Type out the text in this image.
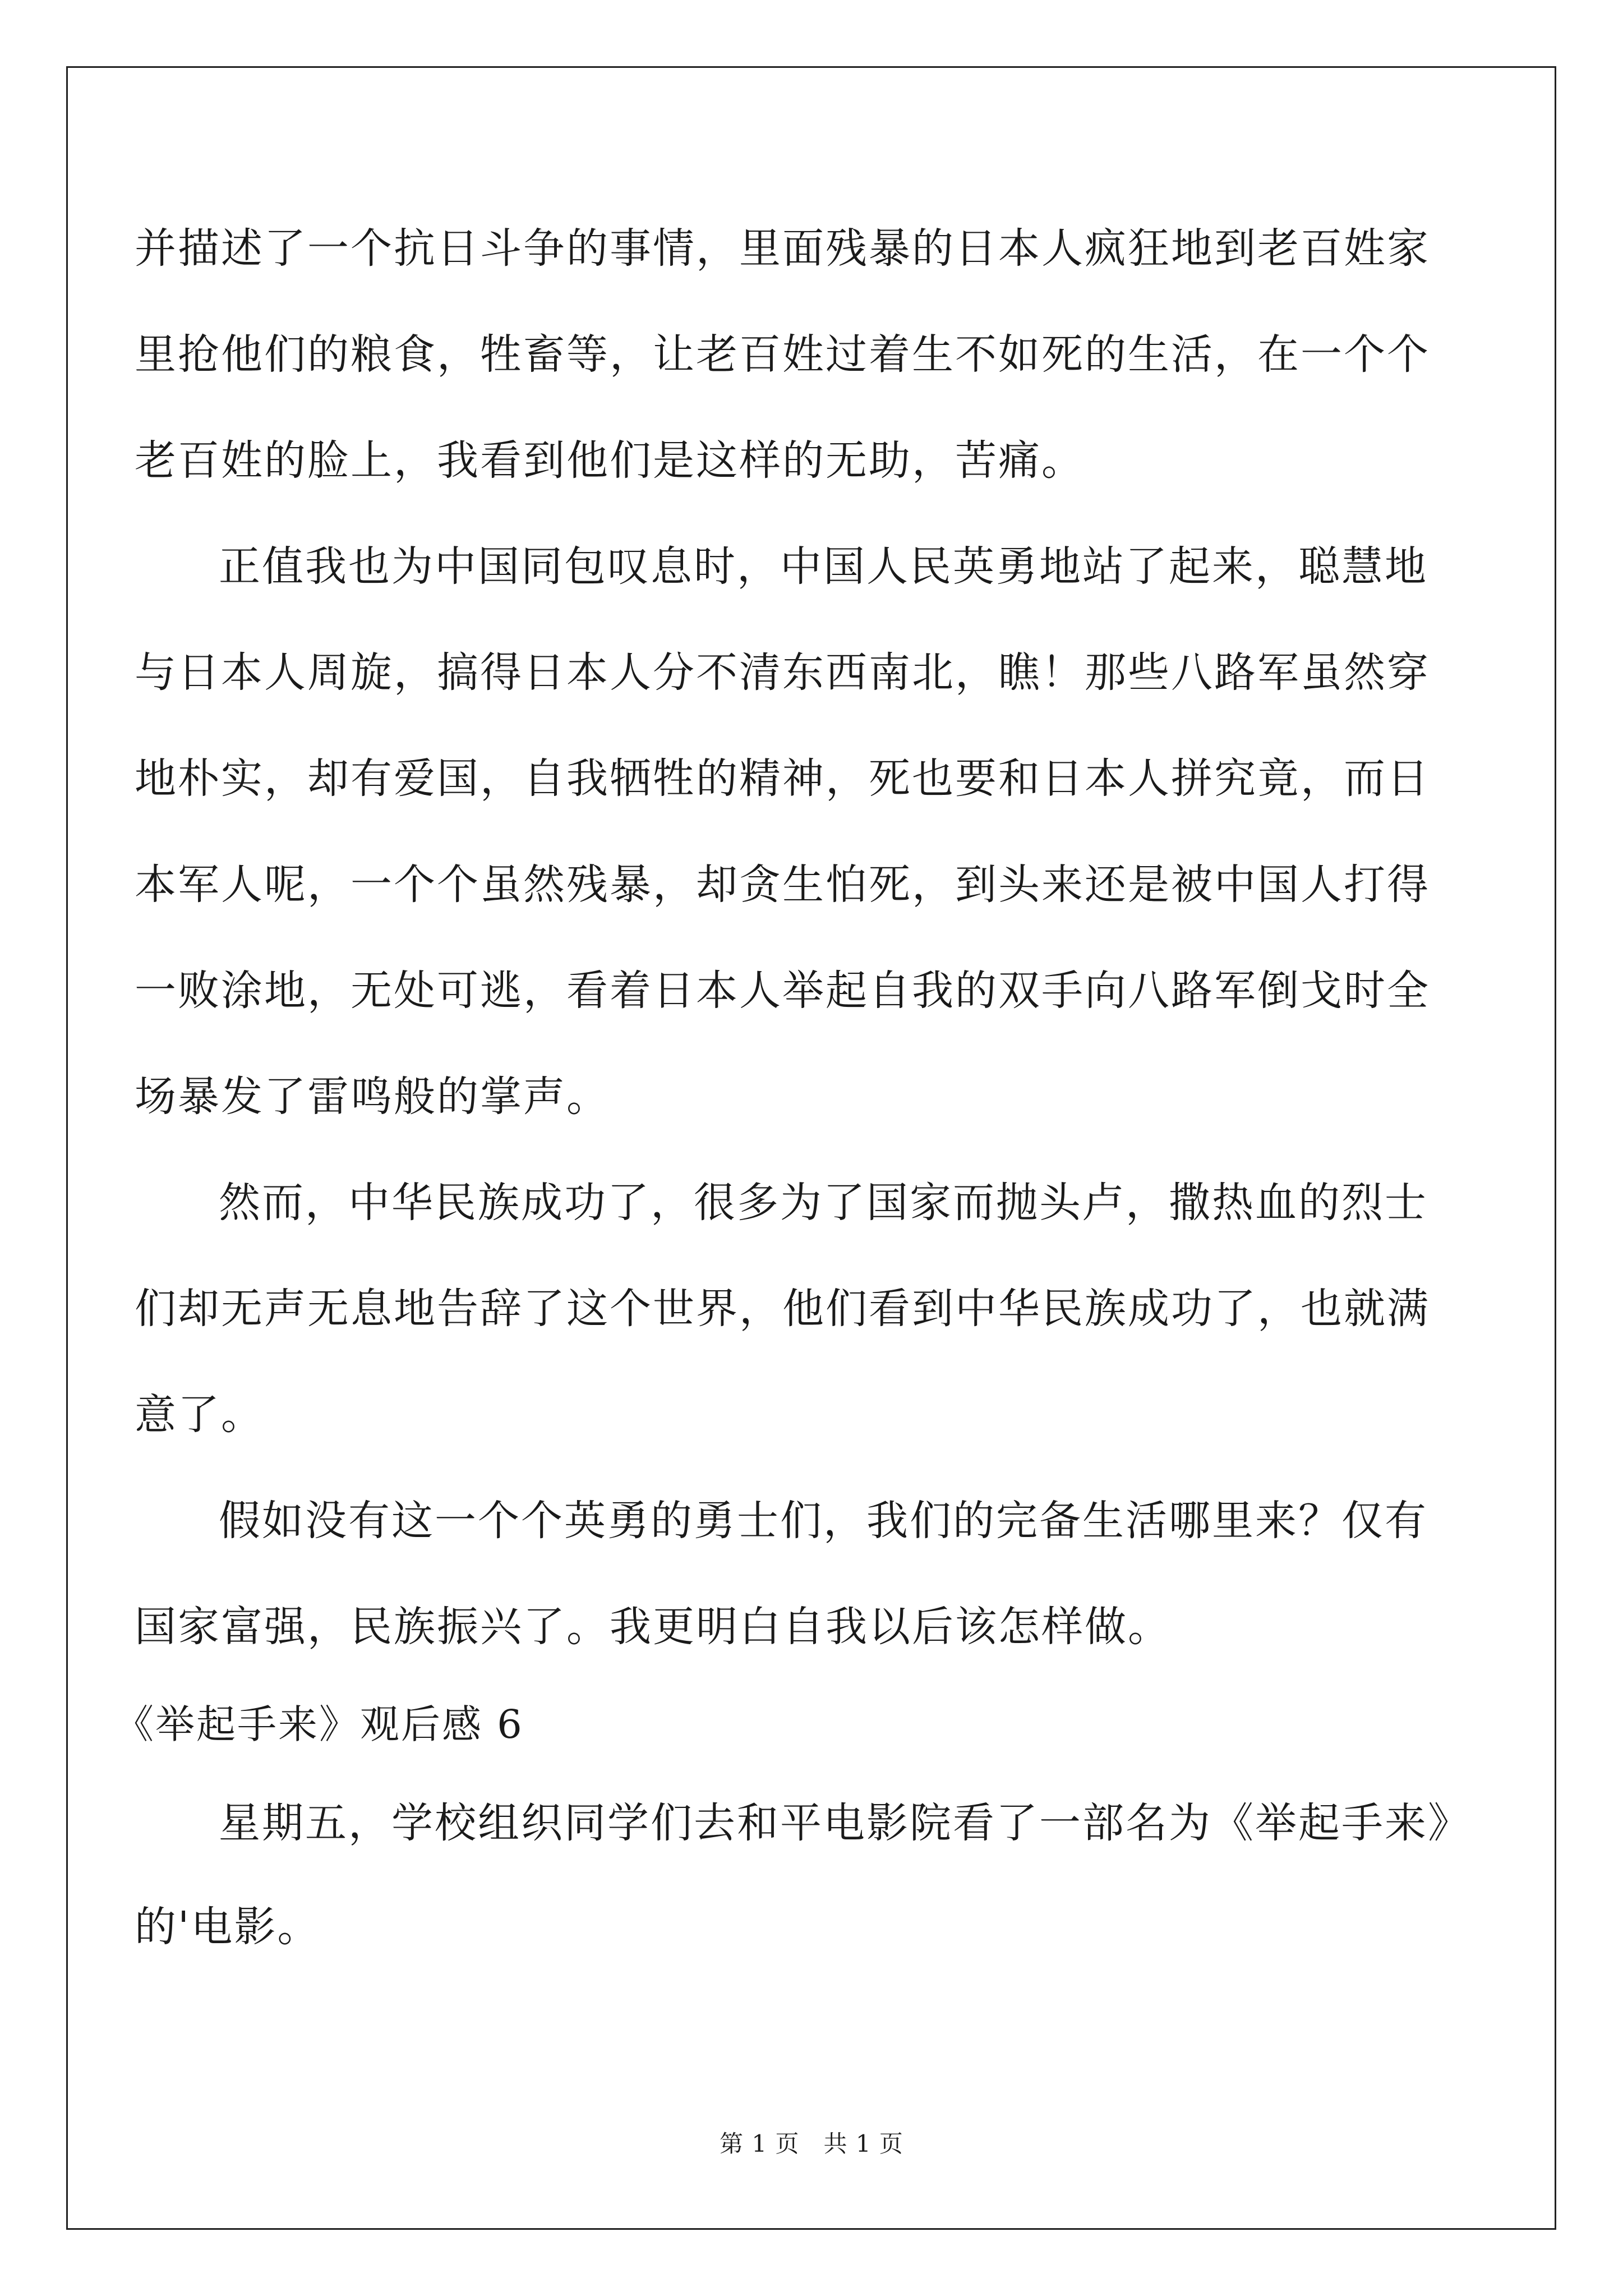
并描述了一个抗日斗争的事情，里面残暴的日本人疯狂地到老百姓家
里抢他们的粮食，牲畜等，让老百姓过着生不如死的生活，在一个个
老百姓的脸上，我看到他们是这样的无助，苦痛。
正值我也为中国同包叹息时，中国人民英勇地站了起来，聪慧地
与日本人周旋，搞得日本人分不清东西南北，瞧！那些八路军虽然穿
地朴实，却有爱国，自我牺牲的精神，死也要和日本人拼究竟，而日
本军人呢，一个个虽然残暴，却贪生怕死，到头来还是被中国人打得
一败涂地，无处可逃，看着日本人举起自我的双手向八路军倒戈时全
场暴发了雷鸣般的掌声。
然而，中华民族成功了，很多为了国家而抛头卢，撒热血的烈士
们却无声无息地告辞了这个世界，他们看到中华民族成功了，也就满
意了。
假如没有这一个个英勇的勇士们，我们的完备生活哪里来？仅有
国家富强，民族振兴了。我更明白自我以后该怎样做。
《举起手来》观后感 6
星期五，学校组织同学们去和平电影院看了一部名为《举起手来》
的'电影。
第 1 页　共 1 页
